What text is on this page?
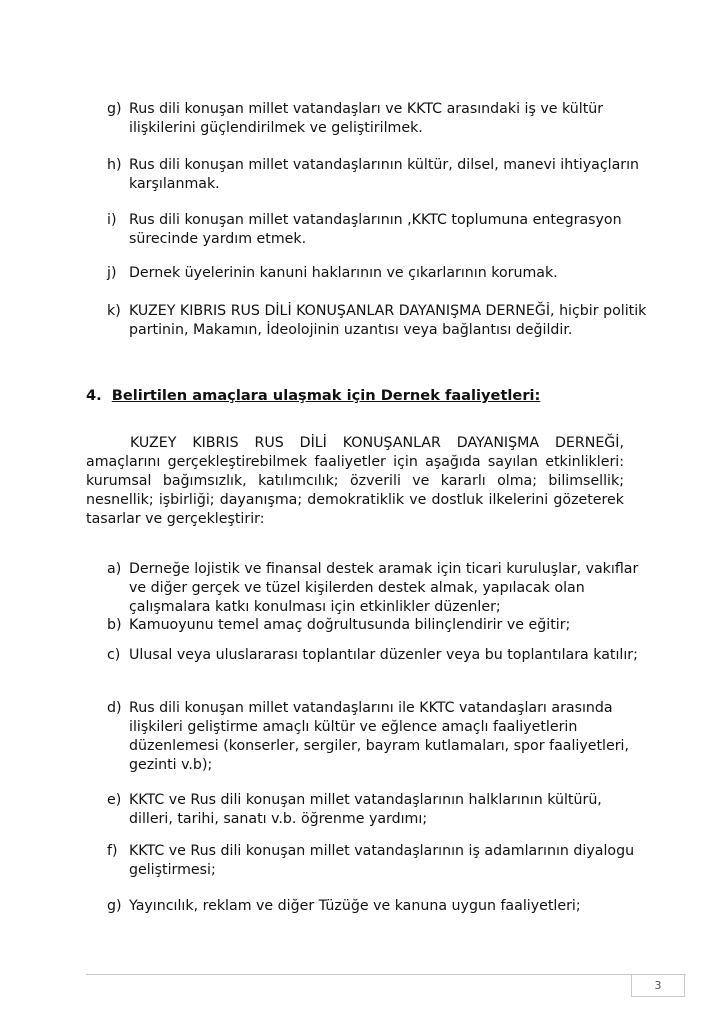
g) Rus dili konuşan millet vatandaşları ve KKTC arasındaki iş ve kültür ilişkilerini güçlendirilmek ve geliştirilmek.
h) Rus dili konuşan millet vatandaşlarının kültür, dilsel, manevi ihtiyaçların karşılanmak.
i) Rus dili konuşan millet vatandaşlarının ,KKTC toplumuna entegrasyon sürecinde yardım etmek.
j) Dernek üyelerinin kanuni haklarının ve çıkarlarının korumak.
k) KUZEY KIBRIS RUS DİLİ KONUŞANLAR DAYANIŞMA DERNEĞİ, hiçbir politik partinin, Makamın, İdeolojinin uzantısı veya bağlantısı değildir.
4. Belirtilen amaçlara ulaşmak için Dernek faaliyetleri:
KUZEY KIBRIS RUS DİLİ KONUŞANLAR DAYANIŞMA DERNEĞİ, amaçlarını gerçekleştirebilmek faaliyetler için aşağıda sayılan etkinlikleri: kurumsal bağımsızlık, katılımcılık; özverili ve kararlı olma; bilimsellik; nesnellik; işbirliği; dayanışma; demokratiklik ve dostluk ilkelerini gözeterek tasarlar ve gerçekleştirir:
a) Derneğe lojistik ve finansal destek aramak için ticari kuruluşlar, vakıflar ve diğer gerçek ve tüzel kişilerden destek almak, yapılacak olan çalışmalara katkı konulması için etkinlikler düzenler;
b) Kamuoyunu temel amaç doğrultusunda bilinçlendirir ve eğitir;
c) Ulusal veya uluslararası toplantılar düzenler veya bu toplantılara katılır;
d) Rus dili konuşan millet vatandaşlarını ile KKTC vatandaşları arasında ilişkileri geliştirme amaçlı kültür ve eğlence amaçlı faaliyetlerin düzenlemesi (konserler, sergiler, bayram kutlamaları, spor faaliyetleri, gezinti v.b);
e) KKTC ve Rus dili konuşan millet vatandaşlarının halklarının kültürü, dilleri, tarihi, sanatı v.b. öğrenme yardımı;
f) KKTC ve Rus dili konuşan millet vatandaşlarının iş adamlarının diyalogu geliştirmesi;
g) Yayıncılık, reklam ve diğer Tüzüğe ve kanuna uygun faaliyetleri;
3
